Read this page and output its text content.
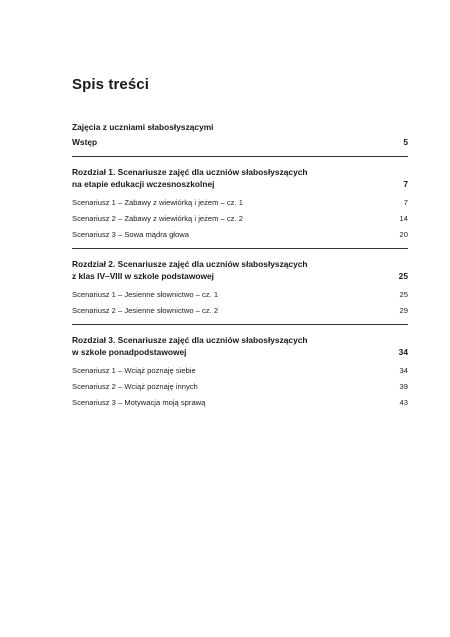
Spis treści
Zajęcia z uczniami słabosłyszącymi
Wstęp	5
Rozdział 1. Scenariusze zajęć dla uczniów słabosłyszących
na etapie edukacji wczesnoszkolnej	7
Scenariusz 1 – Zabawy z wiewiórką i jeżem – cz. 1	7
Scenariusz 2 – Zabawy z wiewiórką i jeżem – cz. 2	14
Scenariusz 3 – Sowa mądra głowa	20
Rozdział 2. Scenariusze zajęć dla uczniów słabosłyszących
z klas IV–VIII w szkole podstawowej	25
Scenariusz 1 – Jesienne słownictwo – cz. 1	25
Scenariusz 2 – Jesienne słownictwo – cz. 2	29
Rozdział 3. Scenariusze zajęć dla uczniów słabosłyszących
w szkole ponadpodstawowej	34
Scenariusz 1 – Wciąż poznaję siebie	34
Scenariusz 2 – Wciąż poznaję innych	39
Scenariusz 3 – Motywacja moją sprawą	43
